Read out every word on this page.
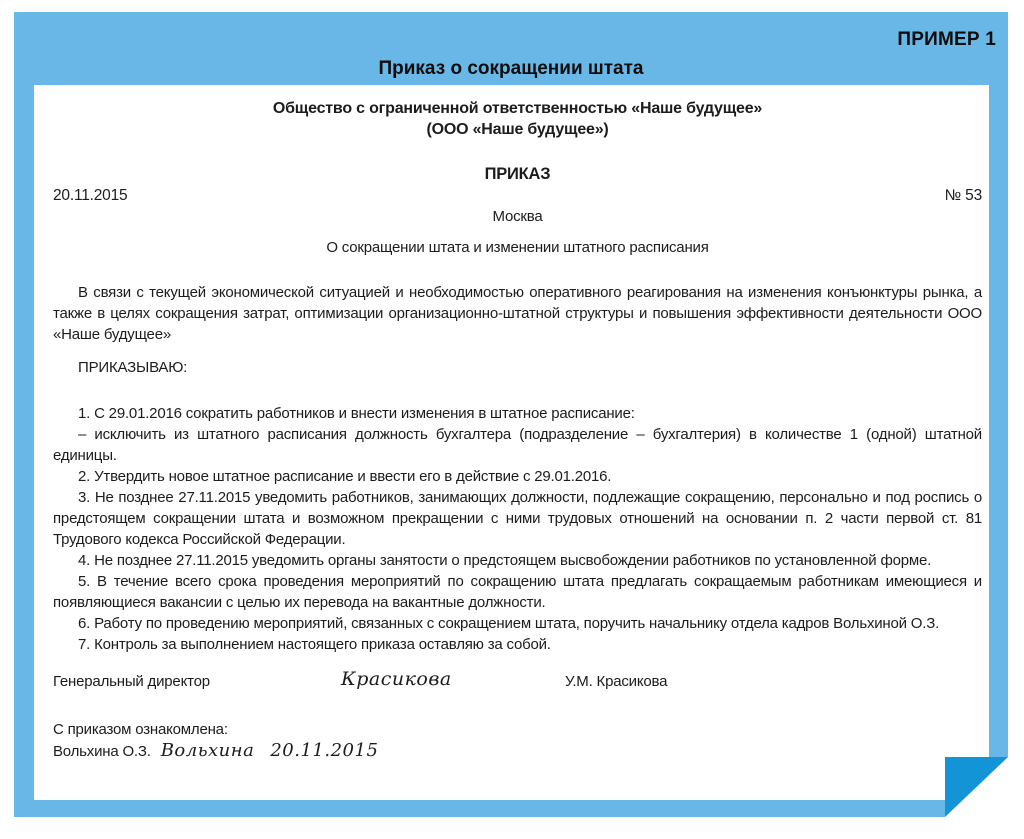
ПРИМЕР 1
Приказ о сокращении штата

Общество с ограниченной ответственностью «Наше будущее»

(ООО «Наше будущее»)

ПРИКАЗ

20.11.2015	№ 53

Москва

О сокращении штата и изменении штатного расписания

В связи с текущей экономической ситуацией и необходимостью оперативного реагирования на изменения конъюнктуры рынка, а также в целях сокращения затрат, оптимизации организационно-штатной структуры и повышения эффективности деятельности ООО «Наше будущее»

ПРИКАЗЫВАЮ:

1. С 29.01.2016 сократить работников и внести изменения в штатное расписание:

– исключить из штатного расписания должность бухгалтера (подразделение – бухгалтерия) в количестве 1 (одной) штатной единицы.

2. Утвердить новое штатное расписание и ввести его в действие с 29.01.2016.

3. Не позднее 27.11.2015 уведомить работников, занимающих должности, подлежащие сокращению, персонально и под роспись о предстоящем сокращении штата и возможном прекращении с ними трудовых отношений на основании п. 2 части первой ст. 81 Трудового кодекса Российской Федерации.

4. Не позднее 27.11.2015 уведомить органы занятости о предстоящем высвобождении работников по установленной форме.

5. В течение всего срока проведения мероприятий по сокращению штата предлагать сокращаемым работникам имеющиеся и появляющиеся вакансии с целью их перевода на вакантные должности.

6. Работу по проведению мероприятий, связанных с сокращением штата, поручить начальнику отдела кадров Вольхиной О.З.

7. Контроль за выполнением настоящего приказа оставляю за собой.

Генеральный директор	Красикова	У.М. Красикова

С приказом ознакомлена:

Вольхина О.З. Вольхина 20.11.2015
